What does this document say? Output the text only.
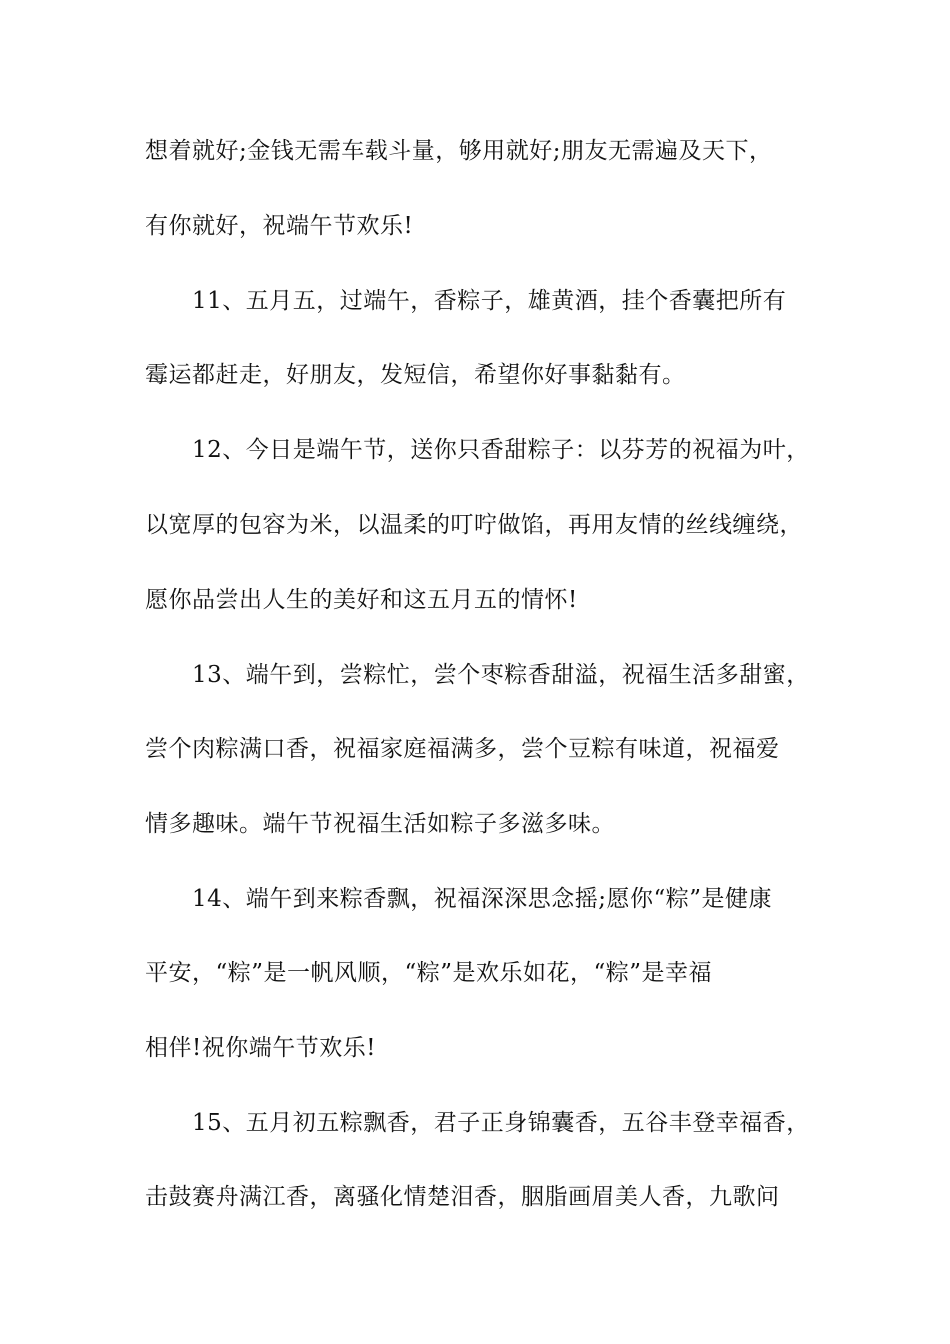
想着就好;金钱无需车载斗量，够用就好;朋友无需遍及天下，
有你就好，祝端午节欢乐!
11、五月五，过端午，香粽子，雄黄酒，挂个香囊把所有
霉运都赶走，好朋友，发短信，希望你好事黏黏有。
12、今日是端午节，送你只香甜粽子：以芬芳的祝福为叶，
以宽厚的包容为米，以温柔的叮咛做馅，再用友情的丝线缠绕，
愿你品尝出人生的美好和这五月五的情怀!
13、端午到，尝粽忙，尝个枣粽香甜溢，祝福生活多甜蜜，
尝个肉粽满口香，祝福家庭福满多，尝个豆粽有味道，祝福爱
情多趣味。端午节祝福生活如粽子多滋多味。
14、端午到来粽香飘，祝福深深思念摇;愿你“粽”是健康
平安，“粽”是一帆风顺，“粽”是欢乐如花，“粽”是幸福
相伴!祝你端午节欢乐!
15、五月初五粽飘香，君子正身锦囊香，五谷丰登幸福香，
击鼓赛舟满江香，离骚化情楚泪香，胭脂画眉美人香，九歌问
